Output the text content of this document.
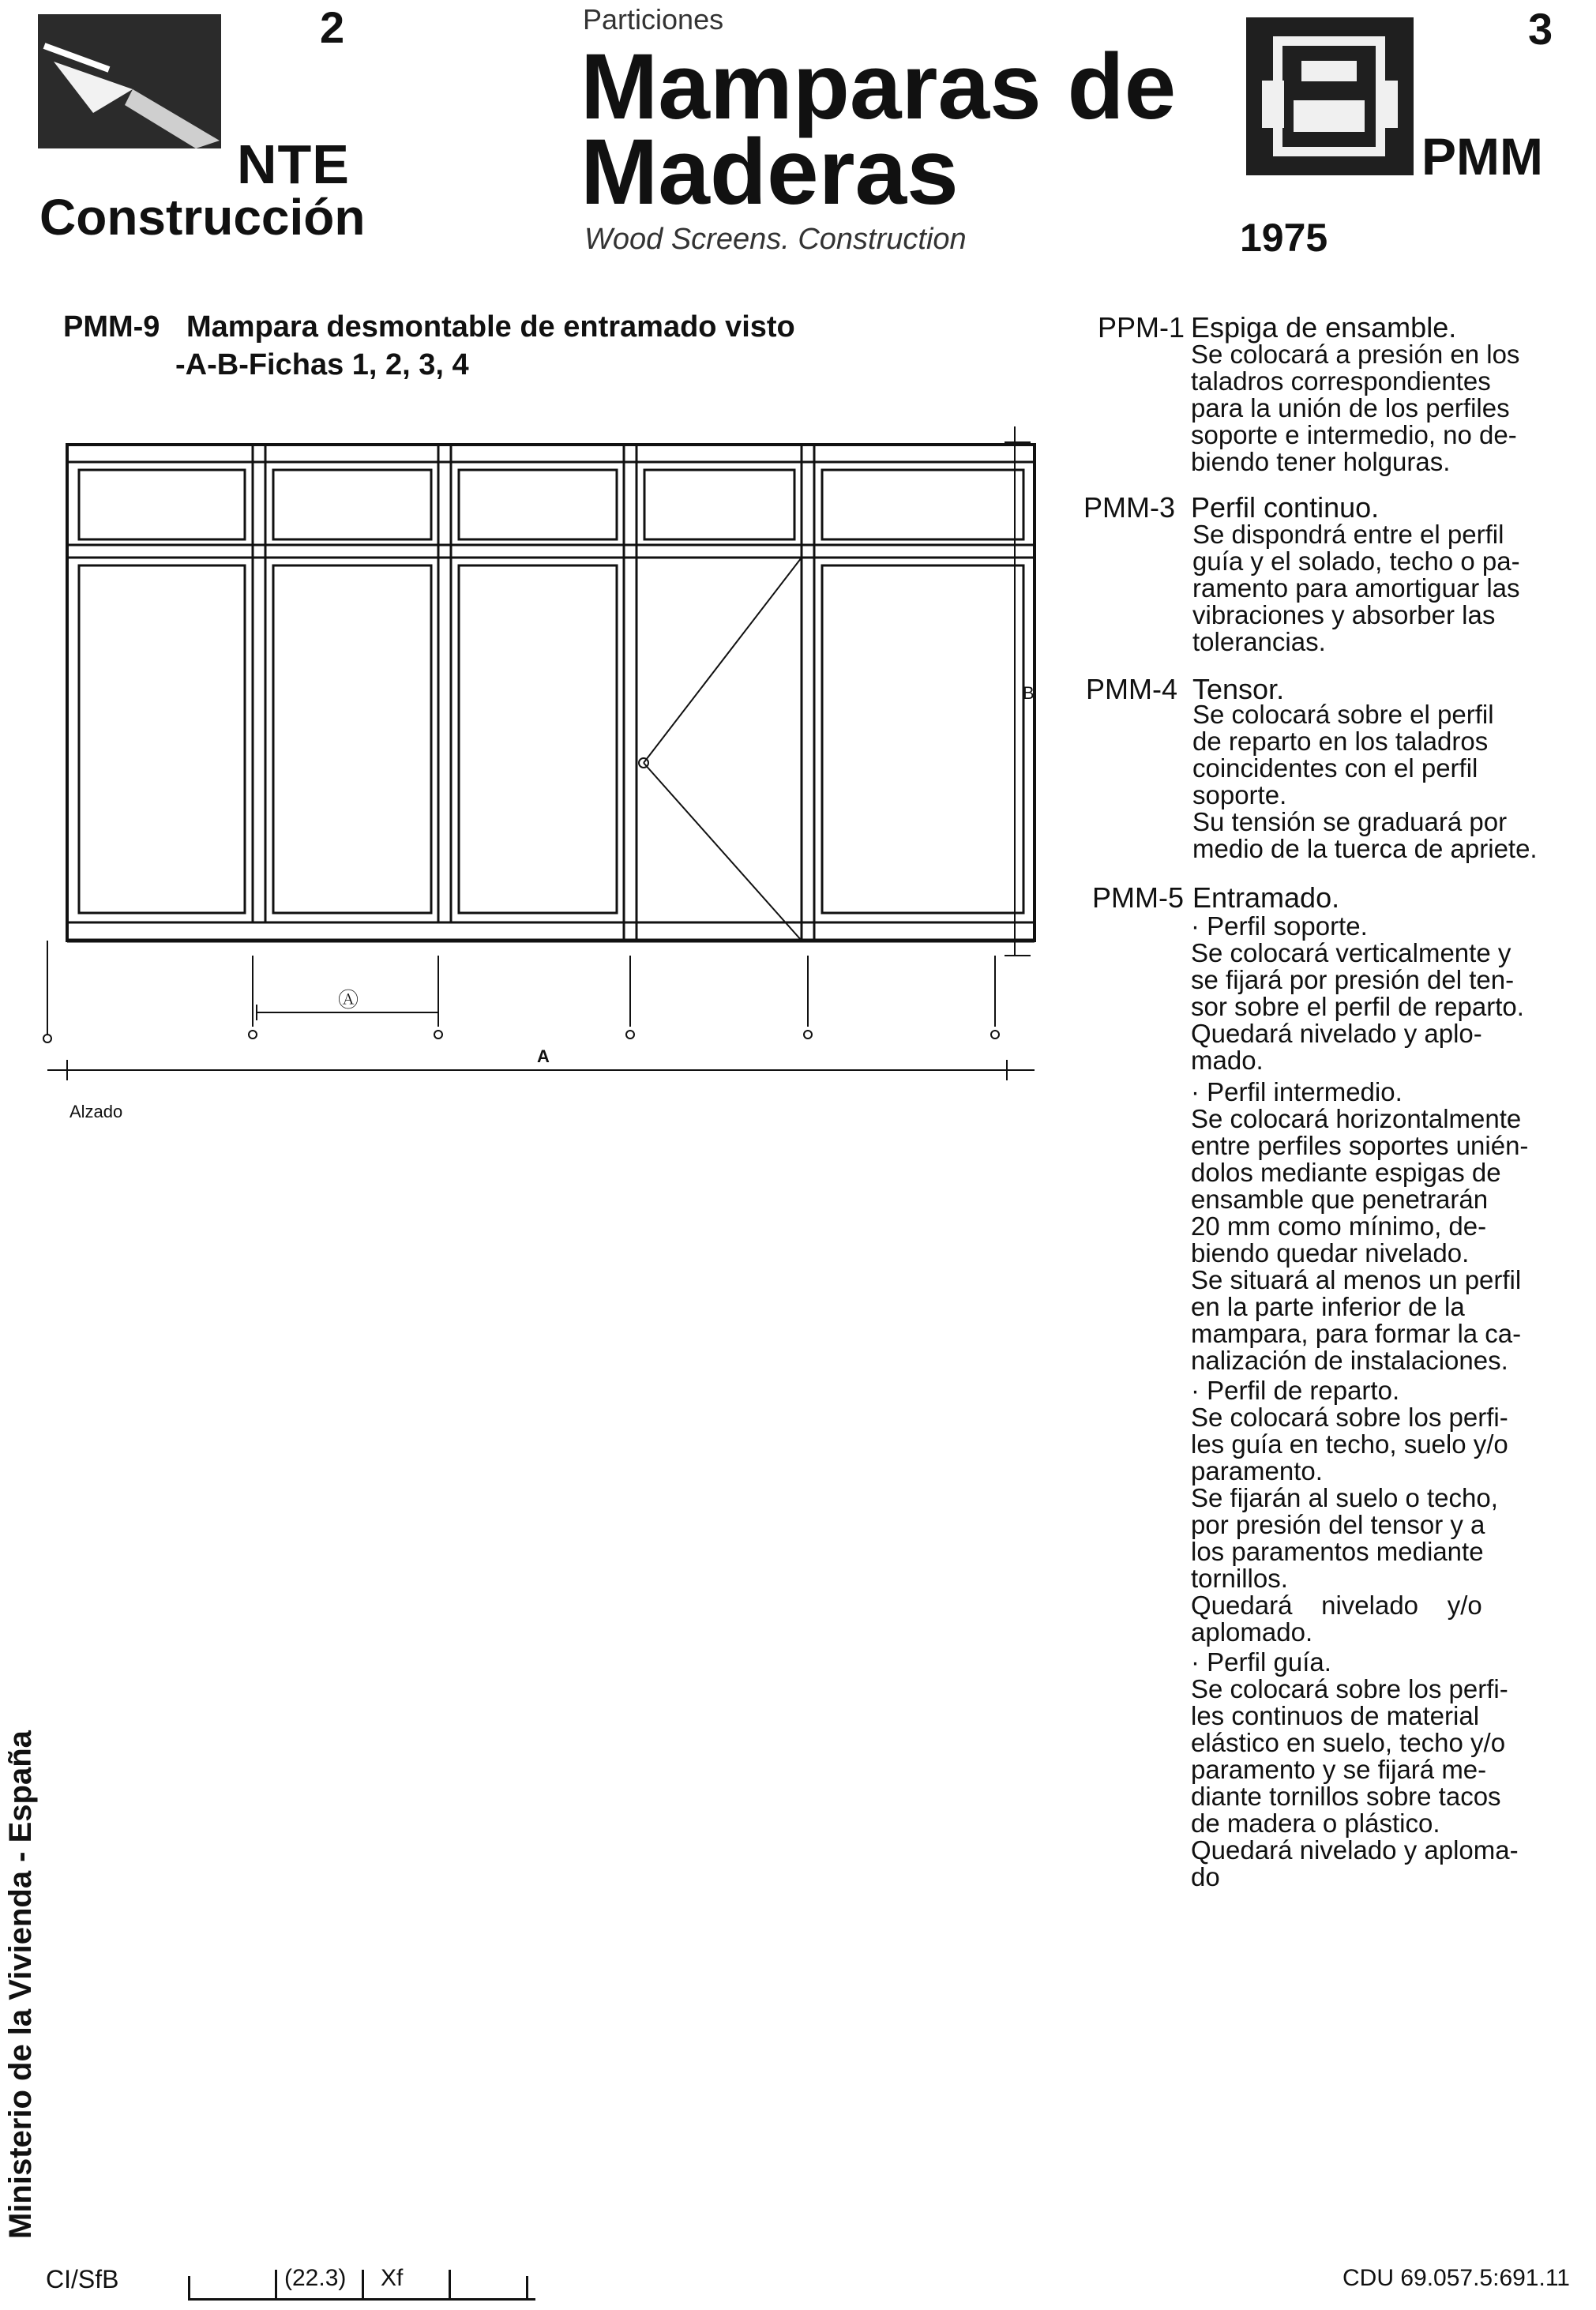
2
NTE
Construcción
Particiones
Mamparas de
Maderas
Wood Screens. Construction
3
PMM
1975
PMM-9 Mampara desmontable de entramado visto
-A-B-Fichas 1, 2, 3, 4
B
A
Ⓐ
Alzado
PPM-1 Espiga de ensamble.

Se colocará a presión en los

taladros correspondientes

para la unión de los perfiles

soporte e intermedio, no de-

biendo tener holguras.

PMM-3 Perfil continuo.

Se dispondrá entre el perfil

guía y el solado, techo o pa-

ramento para amortiguar las

vibraciones y absorber las

tolerancias.

PMM-4 Tensor.

Se colocará sobre el perfil

de reparto en los taladros

coincidentes con el perfil

soporte.

Su tensión se graduará por

medio de la tuerca de apriete.

PMM-5 Entramado.

· Perfil soporte.

Se colocará verticalmente y

se fijará por presión del ten-

sor sobre el perfil de reparto.

Quedará nivelado y aplo-

mado.

· Perfil intermedio.

Se colocará horizontalmente

entre perfiles soportes unién-

dolos mediante espigas de

ensamble que penetrarán

20 mm como mínimo, de-

biendo quedar nivelado.

Se situará al menos un perfil

en la parte inferior de la

mampara, para formar la ca-

nalización de instalaciones.

· Perfil de reparto.

Se colocará sobre los perfi-

les guía en techo, suelo y/o

paramento.

Se fijarán al suelo o techo,

por presión del tensor y a

los paramentos mediante

tornillos.

Quedará    nivelado    y/o

aplomado.

· Perfil guía.

Se colocará sobre los perfi-

les continuos de material

elástico en suelo, techo y/o

paramento y se fijará me-

diante tornillos sobre tacos

de madera o plástico.

Quedará nivelado y aploma-

do

Ministerio de la Vivienda - España
CI/SfB	(22.3) Xf	CDU 69.057.5:691.11
